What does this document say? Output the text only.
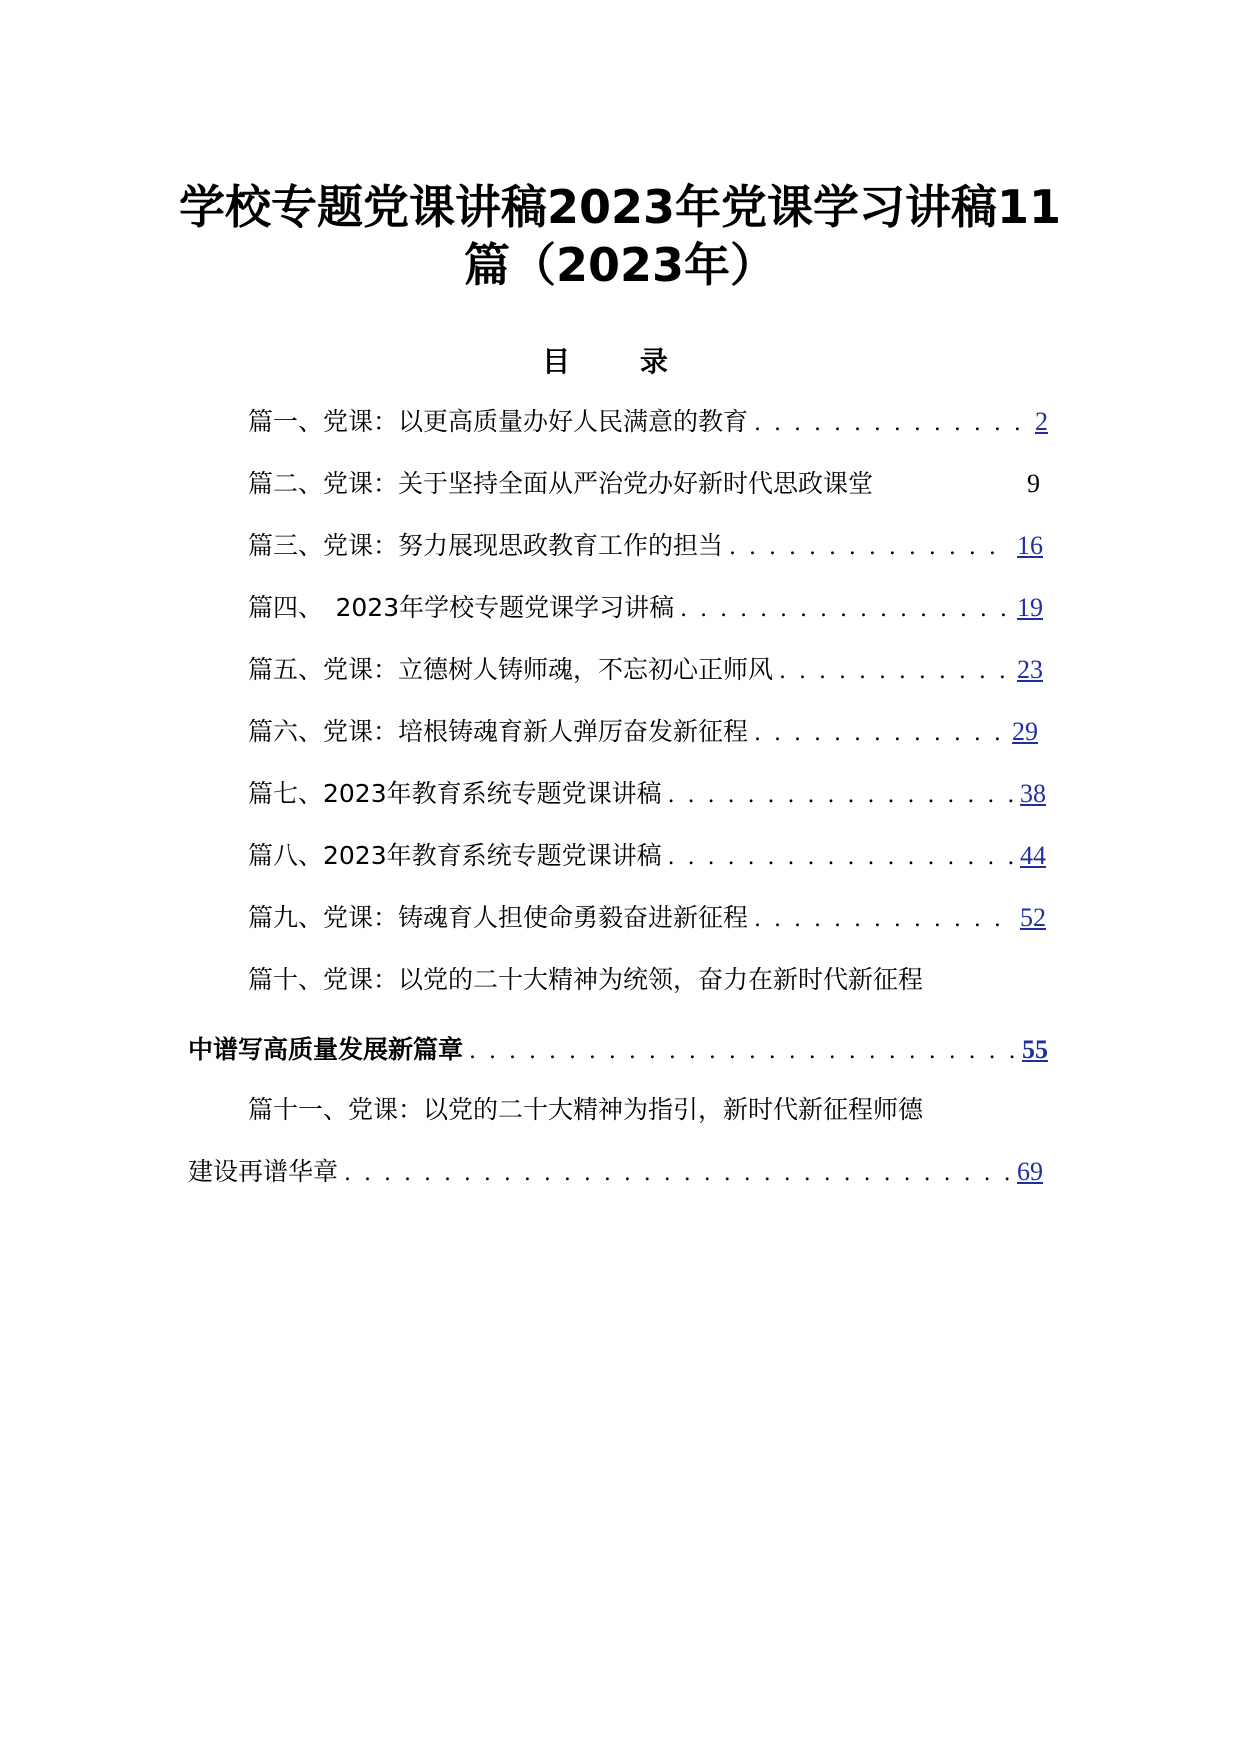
学校专题党课讲稿2023年党课学习讲稿11
篇（2023年）
目 录
篇一、党课：以更高质量办好人民满意的教育 . . .	2
篇二、党课：关于坚持全面从严治党办好新时代思政课堂	9
篇三、党课：努力展现思政教育工作的担当 . . .	16
篇四、　2023年学校专题党课学习讲稿 . . .	19
篇五、党课：立德树人铸师魂，不忘初心正师风 . . .	23
篇六、党课：培根铸魂育新人弹厉奋发新征程 . . .	29
篇七、2023年教育系统专题党课讲稿 . . .	38
篇八、2023年教育系统专题党课讲稿 . . .	44
篇九、党课：铸魂育人担使命勇毅奋进新征程 . . .	52
篇十、党课：以党的二十大精神为统领，奋力在新时代新征程
中谱写高质量发展新篇章 . . .	55
篇十一、党课：以党的二十大精神为指引，新时代新征程师德
建设再谱华章 . . .	69
